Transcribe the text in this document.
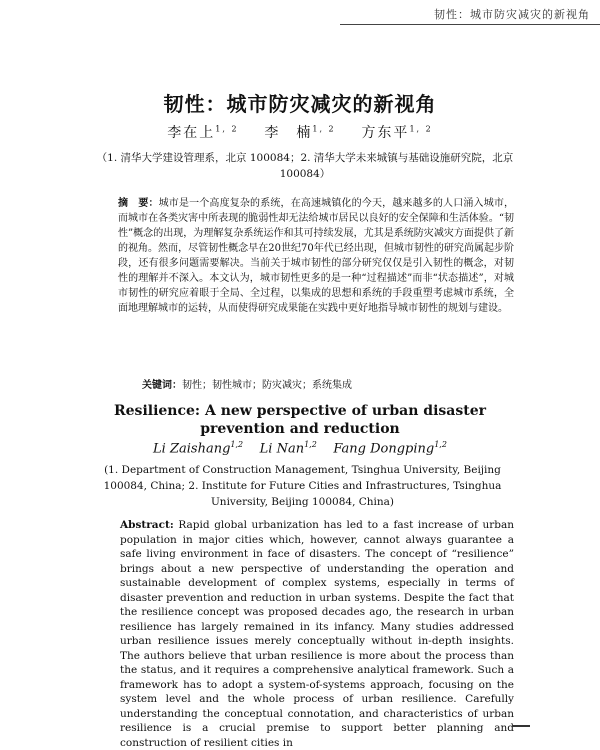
韧性：城市防灾减灾的新视角
韧性：城市防灾减灾的新视角
李在上$^{1, 2}$ 李　楠$^{1, 2}$ 方东平$^{1, 2}$
（1. 清华大学建设管理系，北京 100084；2. 清华大学未来城镇与基础设施研究院，北京 100084）
摘　要：城市是一个高度复杂的系统，在高速城镇化的今天，越来越多的人口涌入城市，而城市在各类灾害中所表现的脆弱性却无法给城市居民以良好的安全保障和生活体验。“韧性”概念的出现，为理解复杂系统运作和其可持续发展，尤其是系统防灾减灾方面提供了新的视角。然而，尽管韧性概念早在20世纪70年代已经出现，但城市韧性的研究尚属起步阶段，还有很多问题需要解决。当前关于城市韧性的部分研究仅仅是引入韧性的概念，对韧性的理解并不深入。本文认为，城市韧性更多的是一种“过程描述”而非“状态描述”，对城市韧性的研究应着眼于全局、全过程，以集成的思想和系统的手段重塑考虑城市系统，全面地理解城市的运转，从而使得研究成果能在实践中更好地指导城市韧性的规划与建设。
关键词：韧性；韧性城市；防灾减灾；系统集成
Resilience: A new perspective of urban disaster prevention and reduction
Li Zaishang$^{1,2}$ Li Nan$^{1,2}$ Fang Dongping$^{1,2}$
(1. Department of Construction Management, Tsinghua University, Beijing 100084, China; 2. Institute for Future Cities and Infrastructures, Tsinghua University, Beijing 100084, China)
Abstract: Rapid global urbanization has led to a fast increase of urban population in major cities which, however, cannot always guarantee a safe living environment in face of disasters. The concept of “resilience” brings about a new perspective of understanding the operation and sustainable development of complex systems, especially in terms of disaster prevention and reduction in urban systems. Despite the fact that the resilience concept was proposed decades ago, the research in urban resilience has largely remained in its infancy. Many studies addressed urban resilience issues merely conceptually without in-depth insights. The authors believe that urban resilience is more about the process than the status, and it requires a comprehensive analytical framework. Such a framework has to adopt a system-of-systems approach, focusing on the system level and the whole process of urban resilience. Carefully understanding the conceptual connotation, and characteristics of urban resilience is a crucial premise to support better planning and construction of resilient cities in
